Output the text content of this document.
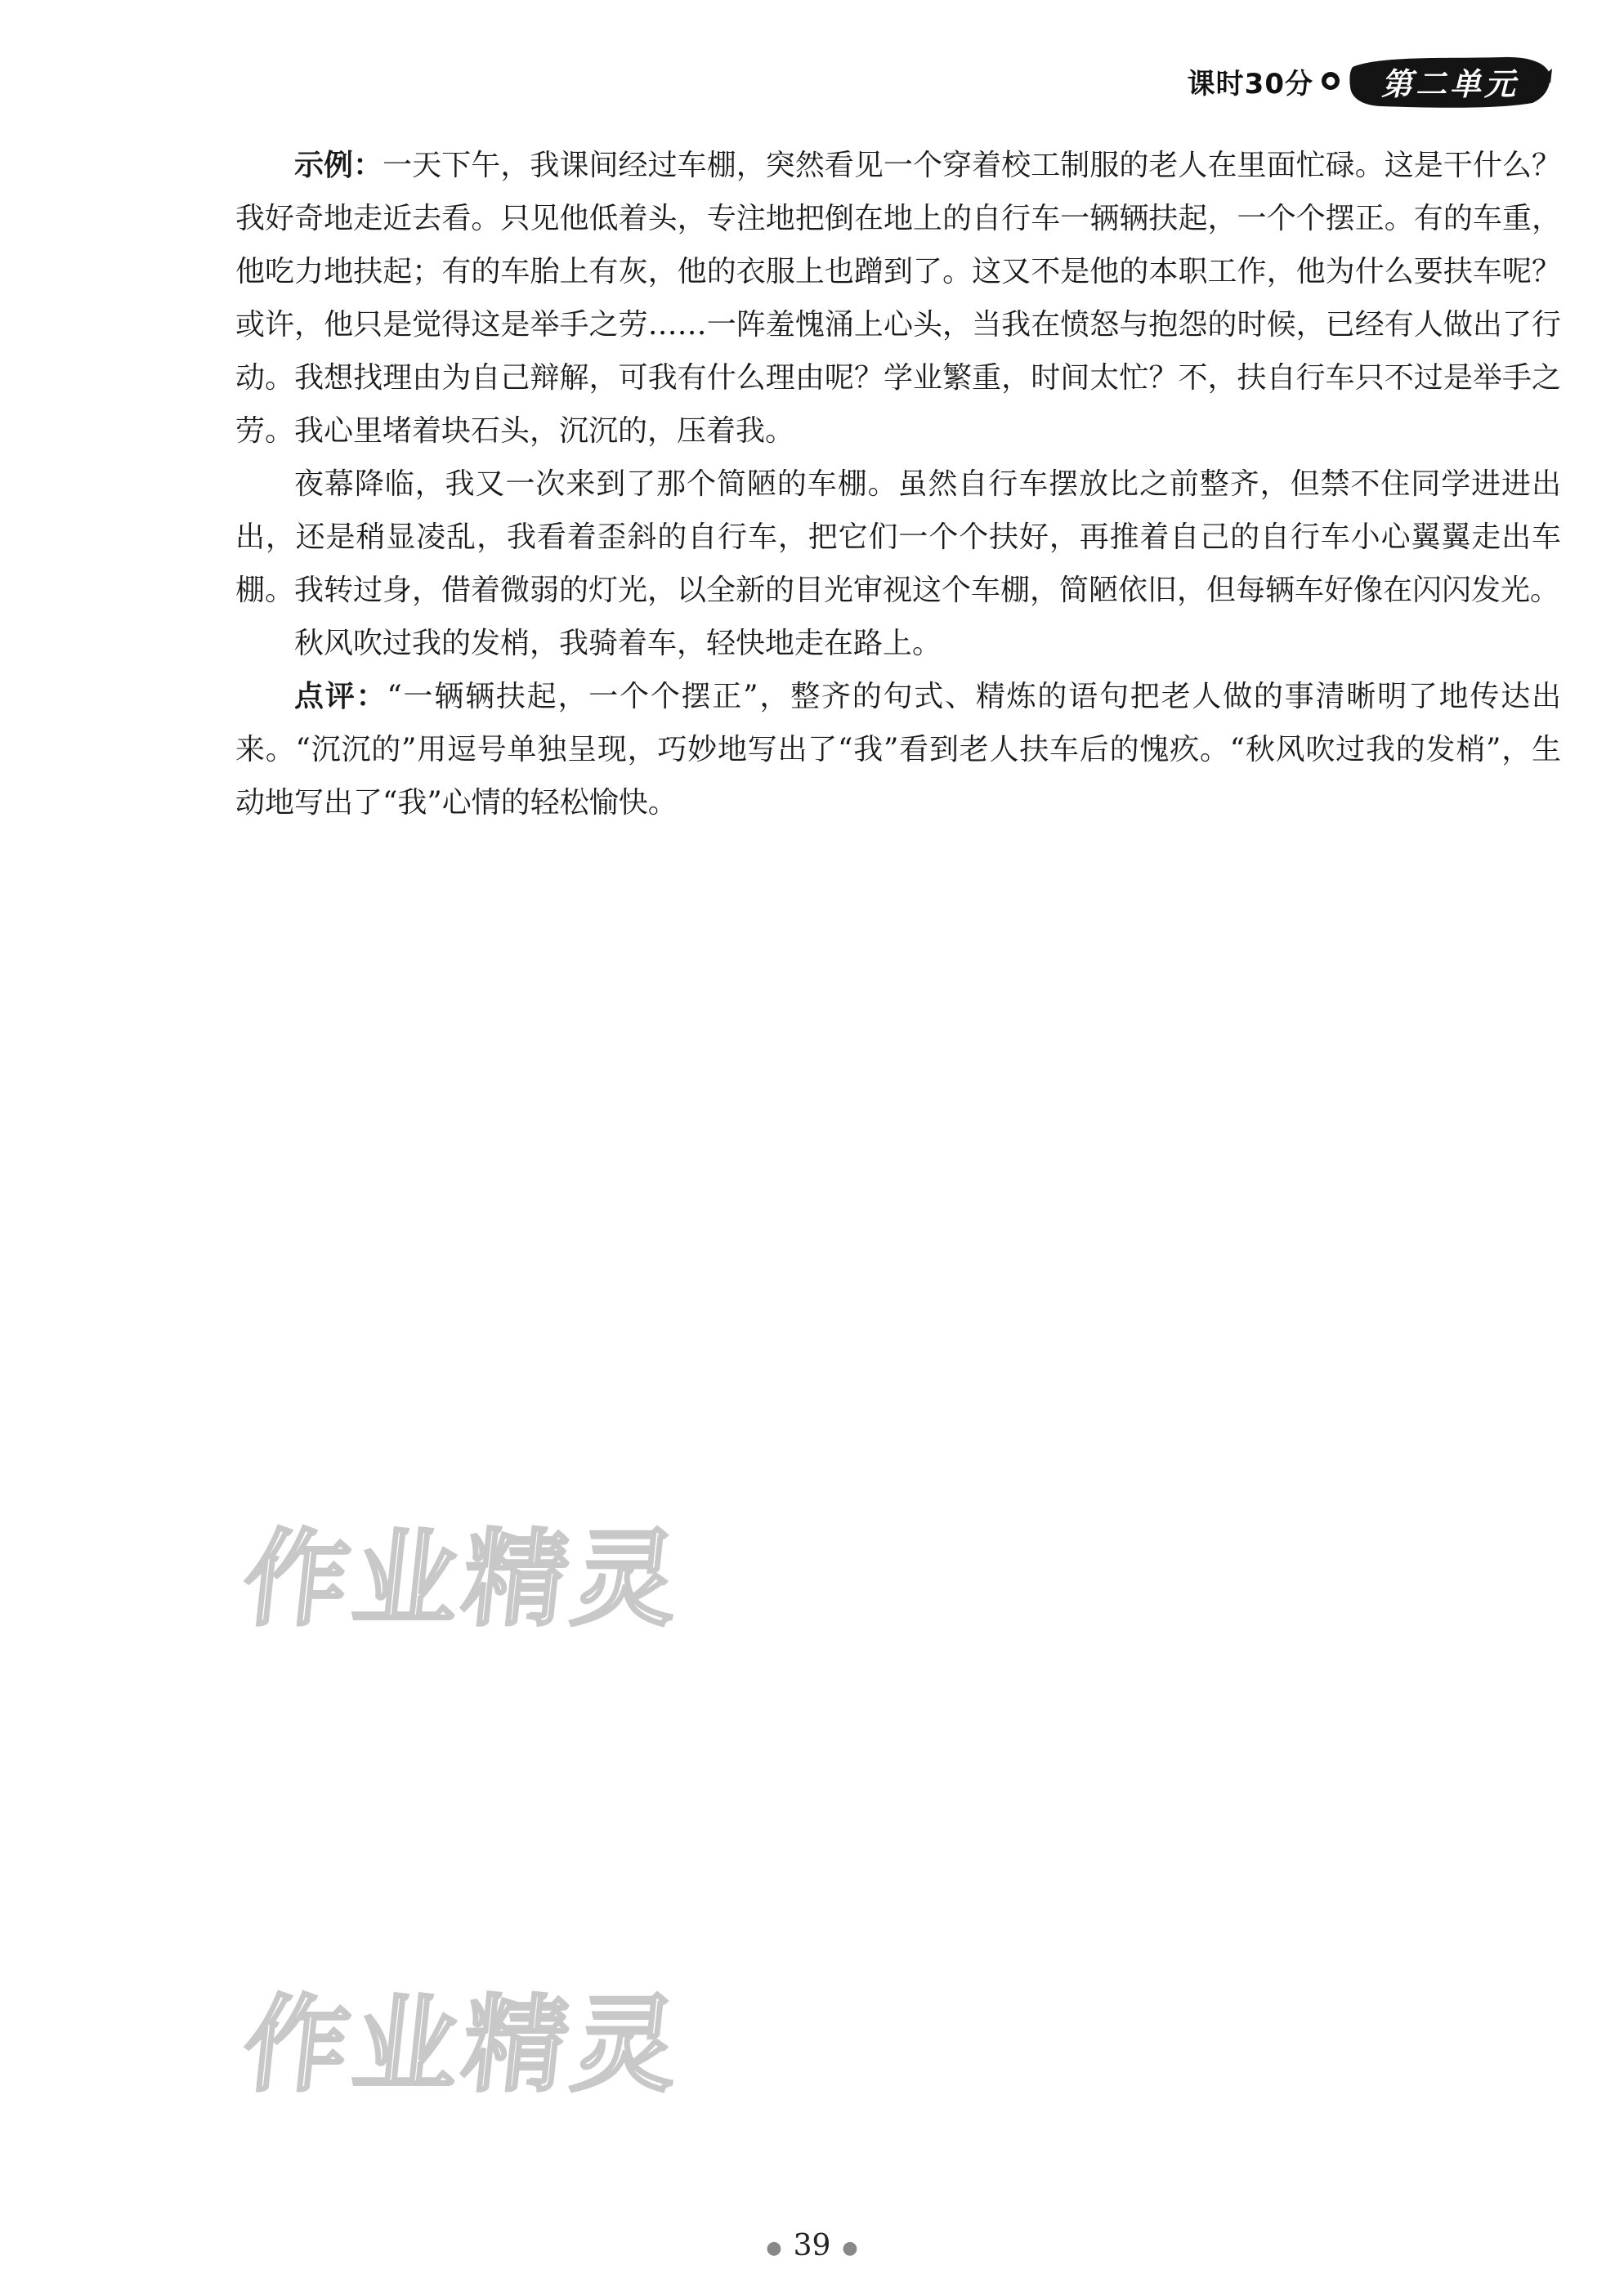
课时30分	● 第二单元

示例：一天下午，我课间经过车棚，突然看见一个穿着校工制服的老人在里面忙碌。这是干什么？我好奇地走近去看。只见他低着头，专注地把倒在地上的自行车一辆辆扶起，一个个摆正。有的车重，他吃力地扶起；有的车胎上有灰，他的衣服上也蹭到了。这又不是他的本职工作，他为什么要扶车呢？或许，他只是觉得这是举手之劳……一阵羞愧涌上心头，当我在愤怒与抱怨的时候，已经有人做出了行动。我想找理由为自己辩解，可我有什么理由呢？学业繁重，时间太忙？不，扶自行车只不过是举手之劳。我心里堵着块石头，沉沉的，压着我。

夜幕降临，我又一次来到了那个简陋的车棚。虽然自行车摆放比之前整齐，但禁不住同学进进出出，还是稍显凌乱，我看着歪斜的自行车，把它们一个个扶好，再推着自己的自行车小心翼翼走出车棚。我转过身，借着微弱的灯光，以全新的目光审视这个车棚，简陋依旧，但每辆车好像在闪闪发光。

秋风吹过我的发梢，我骑着车，轻快地走在路上。

点评：“一辆辆扶起，一个个摆正”，整齐的句式、精炼的语句把老人做的事清晰明了地传达出来。“沉沉的”用逗号单独呈现，巧妙地写出了“我”看到老人扶车后的愧疚。“秋风吹过我的发梢”，生动地写出了“我”心情的轻松愉快。

作业精灵
作业精灵
● 39 ●
